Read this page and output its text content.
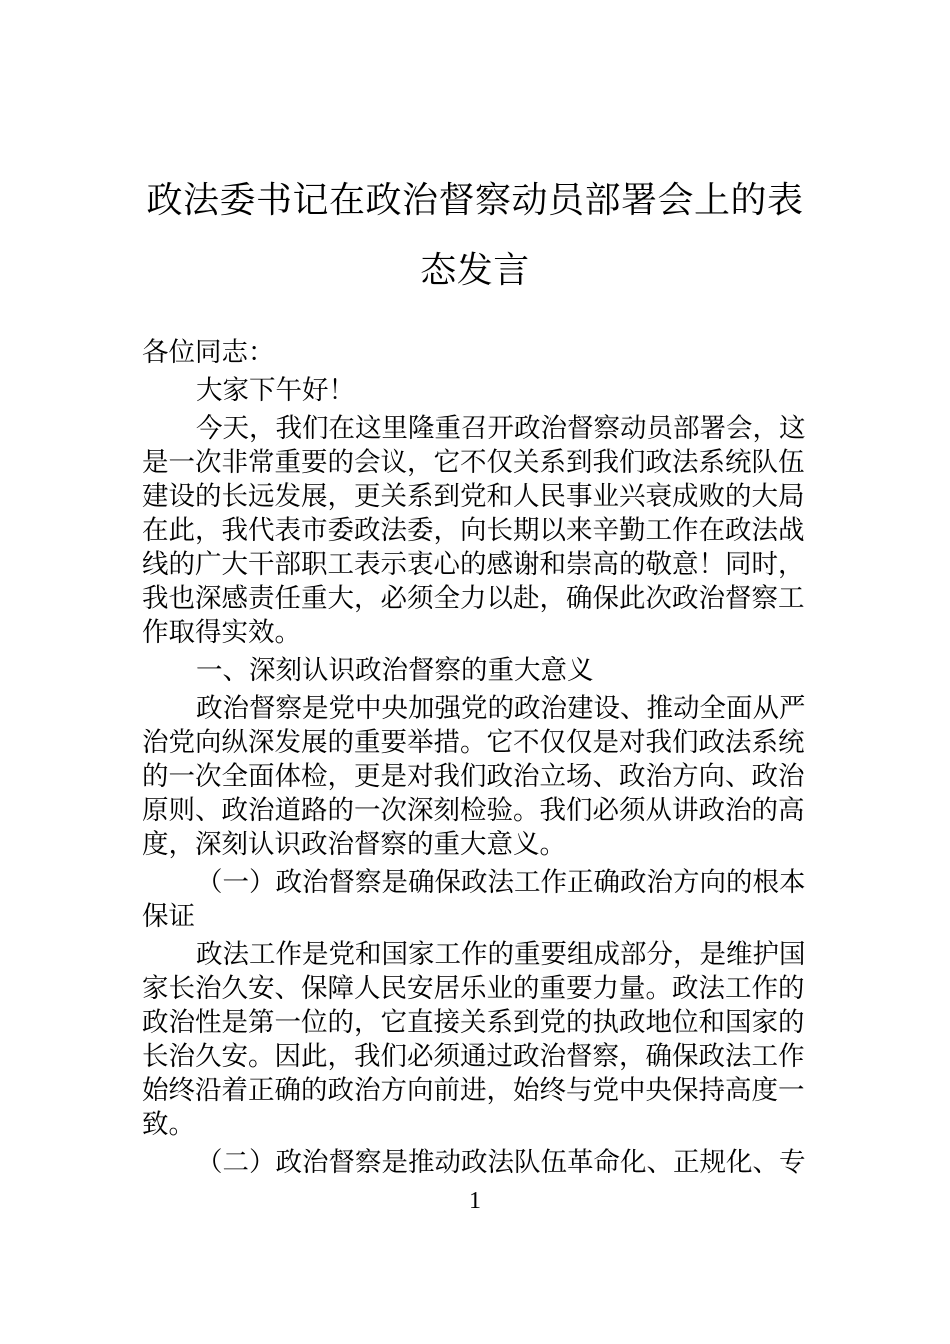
政法委书记在政治督察动员部署会上的表
态发言
各位同志：
大家下午好！
今天，我们在这里隆重召开政治督察动员部署会，这
是一次非常重要的会议，它不仅关系到我们政法系统队伍
建设的长远发展，更关系到党和人民事业兴衰成败的大局
在此，我代表市委政法委，向长期以来辛勤工作在政法战
线的广大干部职工表示衷心的感谢和崇高的敬意！同时，
我也深感责任重大，必须全力以赴，确保此次政治督察工
作取得实效。
一、深刻认识政治督察的重大意义
政治督察是党中央加强党的政治建设、推动全面从严
治党向纵深发展的重要举措。它不仅仅是对我们政法系统
的一次全面体检，更是对我们政治立场、政治方向、政治
原则、政治道路的一次深刻检验。我们必须从讲政治的高
度，深刻认识政治督察的重大意义。
（一）政治督察是确保政法工作正确政治方向的根本
保证
政法工作是党和国家工作的重要组成部分，是维护国
家长治久安、保障人民安居乐业的重要力量。政法工作的
政治性是第一位的，它直接关系到党的执政地位和国家的
长治久安。因此，我们必须通过政治督察，确保政法工作
始终沿着正确的政治方向前进，始终与党中央保持高度一
致。
（二）政治督察是推动政法队伍革命化、正规化、专
1
